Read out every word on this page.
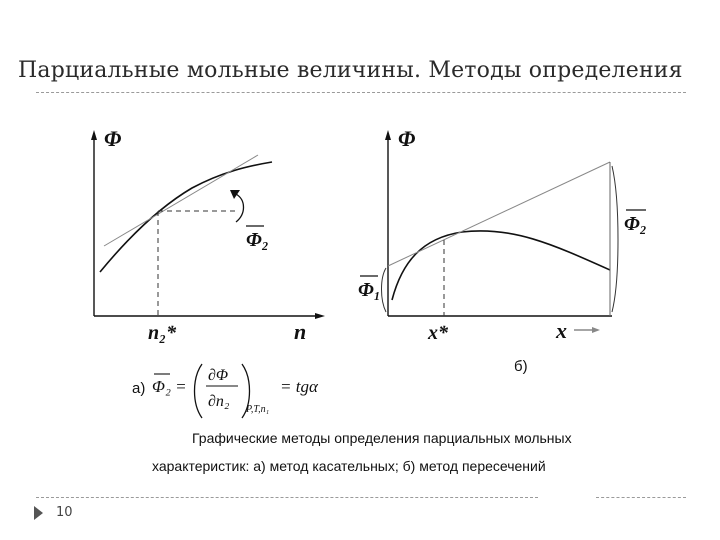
Парциальные мольные величины. Методы определения
Φ
n
n₂*
Φ₂
Φ
x
x*
Φ₁
Φ₂
Φ₂ =
∂Φ
∂n₂ P,T,n₁
= tgα
а)
б)
Графические методы определения парциальных мольных
характеристик: а) метод касательных; б) метод пересечений
10
